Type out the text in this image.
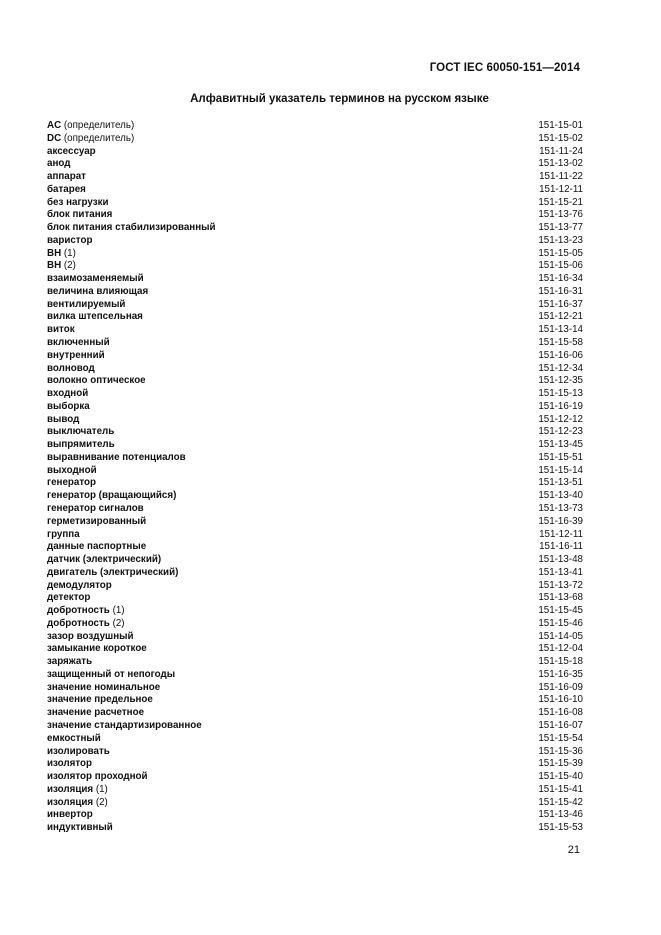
ГОСТ IEC 60050-151—2014
Алфавитный указатель терминов на русском языке
AC (определитель)	151-15-01
DC (определитель)	151-15-02
аксессуар	151-11-24
анод	151-13-02
аппарат	151-11-22
батарея	151-12-11
без нагрузки	151-15-21
блок питания	151-13-76
блок питания стабилизированный	151-13-77
варистор	151-13-23
ВН (1)	151-15-05
ВН (2)	151-15-06
взаимозаменяемый	151-16-34
величина влияющая	151-16-31
вентилируемый	151-16-37
вилка штепсельная	151-12-21
виток	151-13-14
включенный	151-15-58
внутренний	151-16-06
волновод	151-12-34
волокно оптическое	151-12-35
входной	151-15-13
выборка	151-16-19
вывод	151-12-12
выключатель	151-12-23
выпрямитель	151-13-45
выравнивание потенциалов	151-15-51
выходной	151-15-14
генератор	151-13-51
генератор (вращающийся)	151-13-40
генератор сигналов	151-13-73
герметизированный	151-16-39
группа	151-12-11
данные паспортные	151-16-11
датчик (электрический)	151-13-48
двигатель (электрический)	151-13-41
демодулятор	151-13-72
детектор	151-13-68
добротность (1)	151-15-45
добротность (2)	151-15-46
зазор воздушный	151-14-05
замыкание короткое	151-12-04
заряжать	151-15-18
защищенный от непогоды	151-16-35
значение номинальное	151-16-09
значение предельное	151-16-10
значение расчетное	151-16-08
значение стандартизированное	151-16-07
емкостный	151-15-54
изолировать	151-15-36
изолятор	151-15-39
изолятор проходной	151-15-40
изоляция (1)	151-15-41
изоляция (2)	151-15-42
инвертор	151-13-46
индуктивный	151-15-53
21
